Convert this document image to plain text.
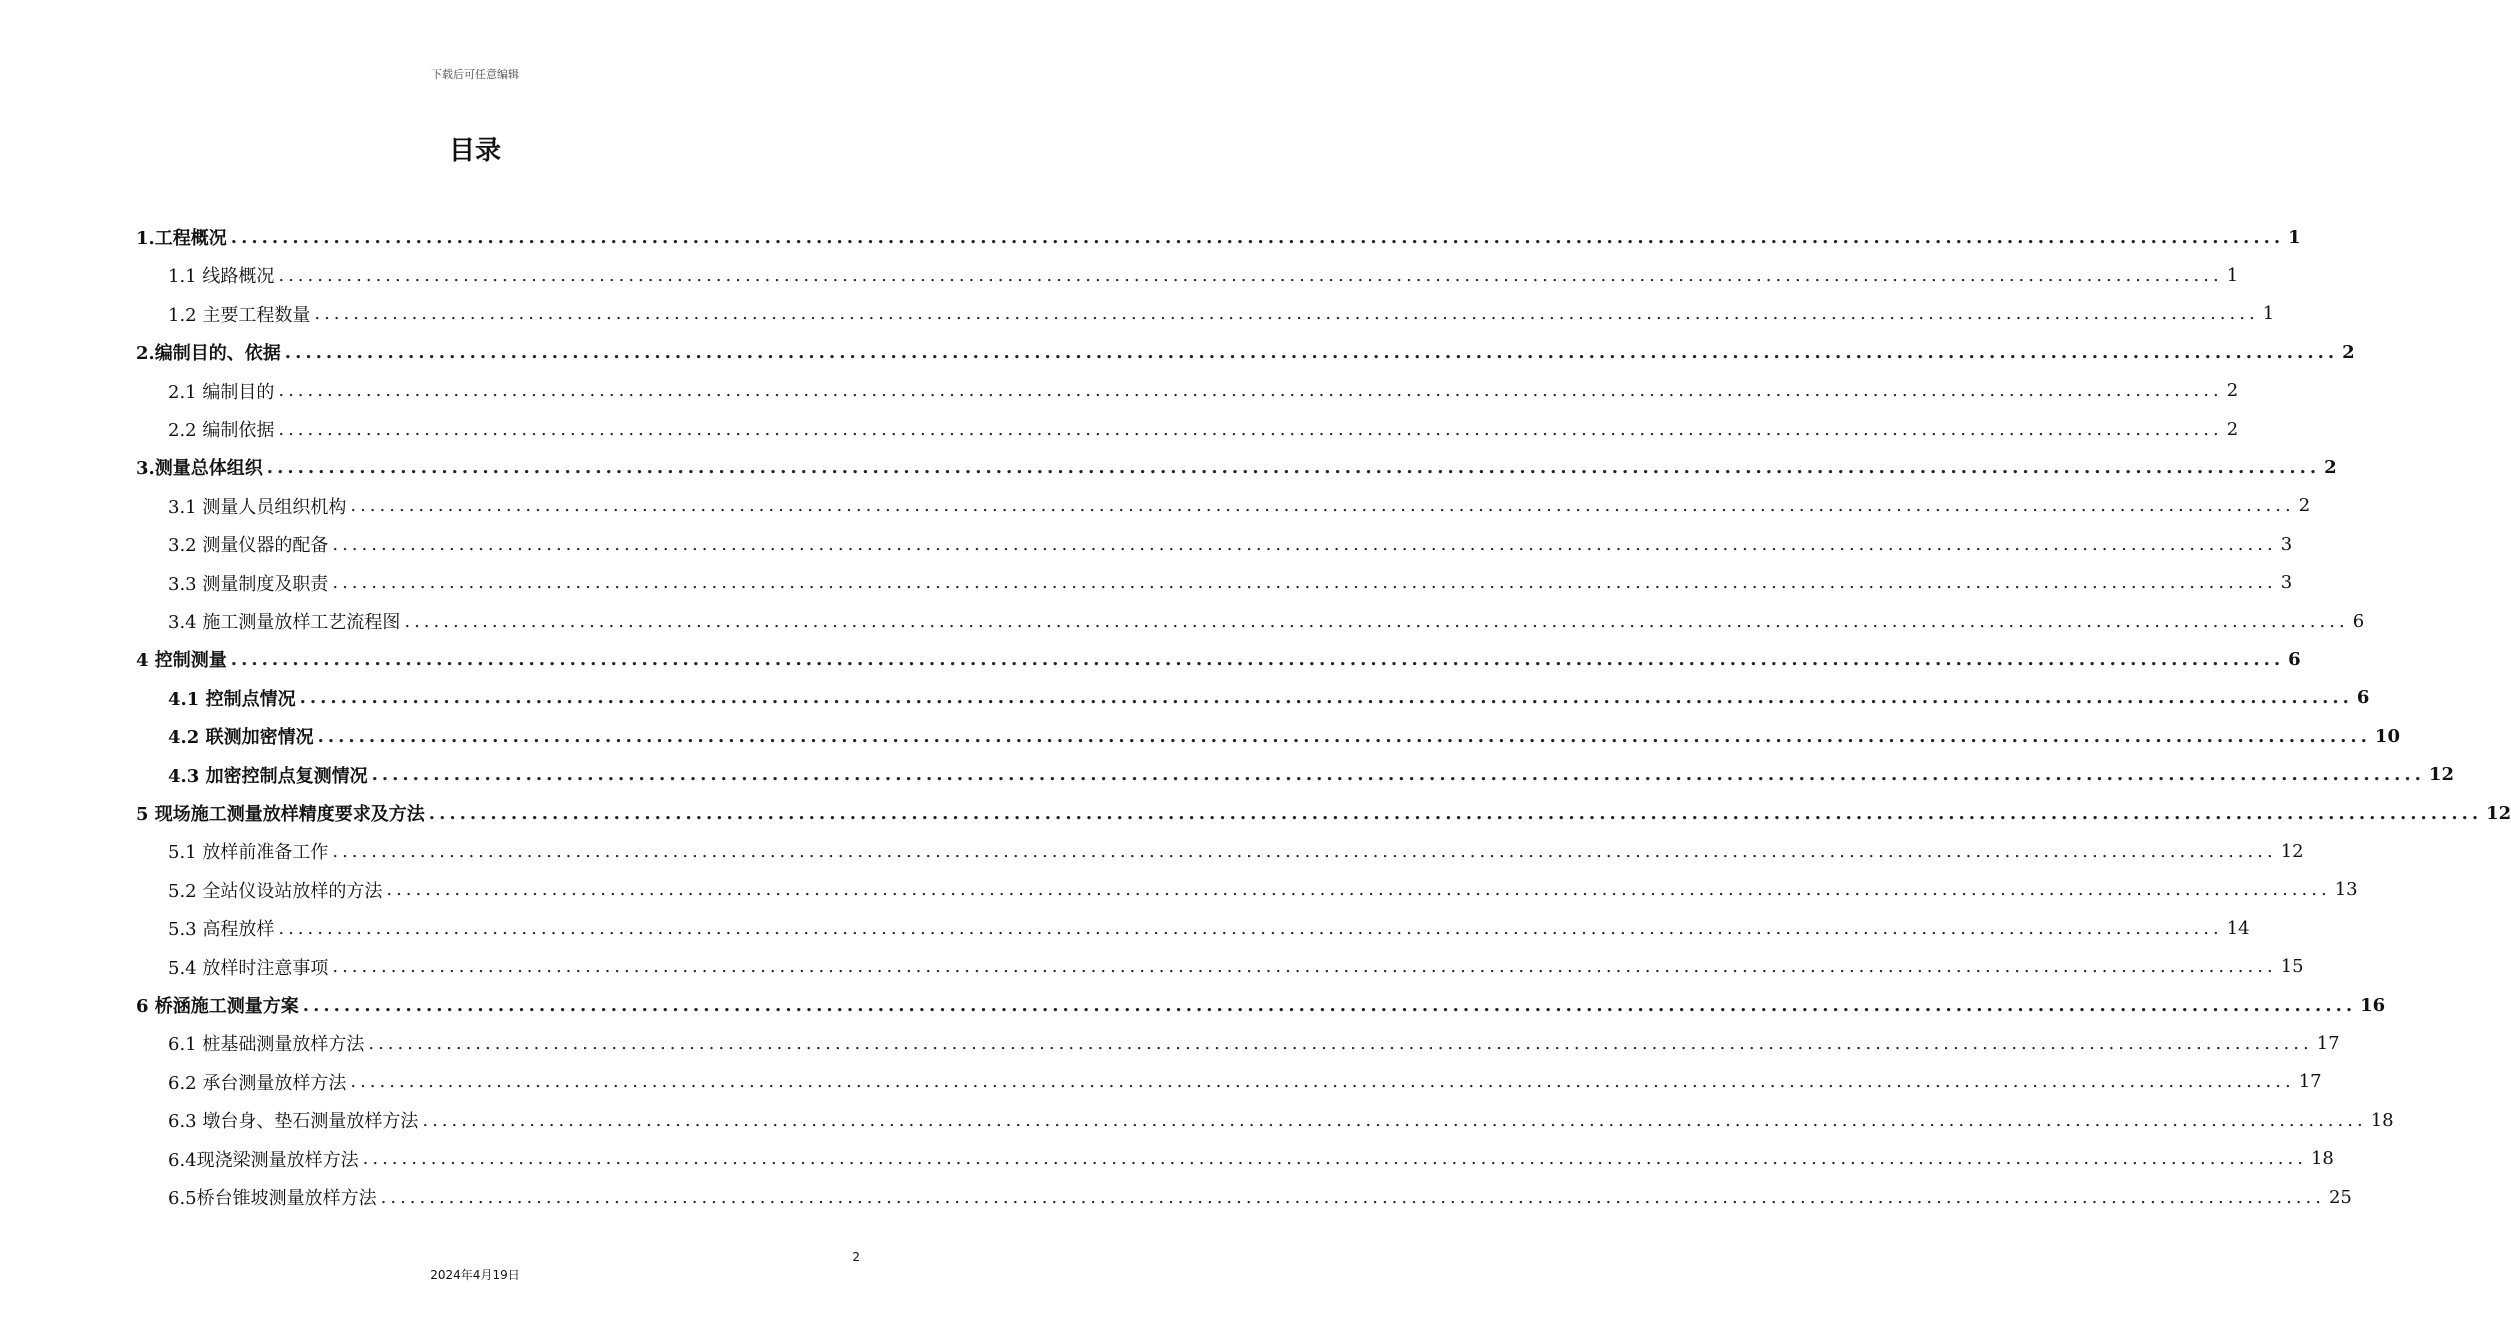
下载后可任意编辑
目录
1.工程概况 ........................................................................................................................................................................................................ 1
1.1 线路概况 ........................................................................................................................................................................................................ 1
1.2 主要工程数量 ........................................................................................................................................................................................................ 1
2.编制目的、依据 ........................................................................................................................................................................................................ 2
2.1 编制目的 ........................................................................................................................................................................................................ 2
2.2 编制依据 ........................................................................................................................................................................................................ 2
3.测量总体组织 ........................................................................................................................................................................................................ 2
3.1 测量人员组织机构 ........................................................................................................................................................................................................ 2
3.2 测量仪器的配备 ........................................................................................................................................................................................................ 3
3.3 测量制度及职责 ........................................................................................................................................................................................................ 3
3.4 施工测量放样工艺流程图 ........................................................................................................................................................................................................ 6
4 控制测量 ........................................................................................................................................................................................................ 6
4.1 控制点情况 ........................................................................................................................................................................................................ 6
4.2 联测加密情况 ........................................................................................................................................................................................................ 10
4.3 加密控制点复测情况 ........................................................................................................................................................................................................ 12
5 现场施工测量放样精度要求及方法 ........................................................................................................................................................................................................ 12
5.1 放样前准备工作 ........................................................................................................................................................................................................ 12
5.2 全站仪设站放样的方法 ........................................................................................................................................................................................................ 13
5.3 高程放样 ........................................................................................................................................................................................................ 14
5.4 放样时注意事项 ........................................................................................................................................................................................................ 15
6 桥涵施工测量方案 ........................................................................................................................................................................................................ 16
6.1 桩基础测量放样方法 ........................................................................................................................................................................................................ 17
6.2 承台测量放样方法 ........................................................................................................................................................................................................ 17
6.3 墩台身、垫石测量放样方法 ........................................................................................................................................................................................................ 18
6.4现浇梁测量放样方法 ........................................................................................................................................................................................................ 18
6.5桥台锥坡测量放样方法 ........................................................................................................................................................................................................ 25
2
2024年4月19日
